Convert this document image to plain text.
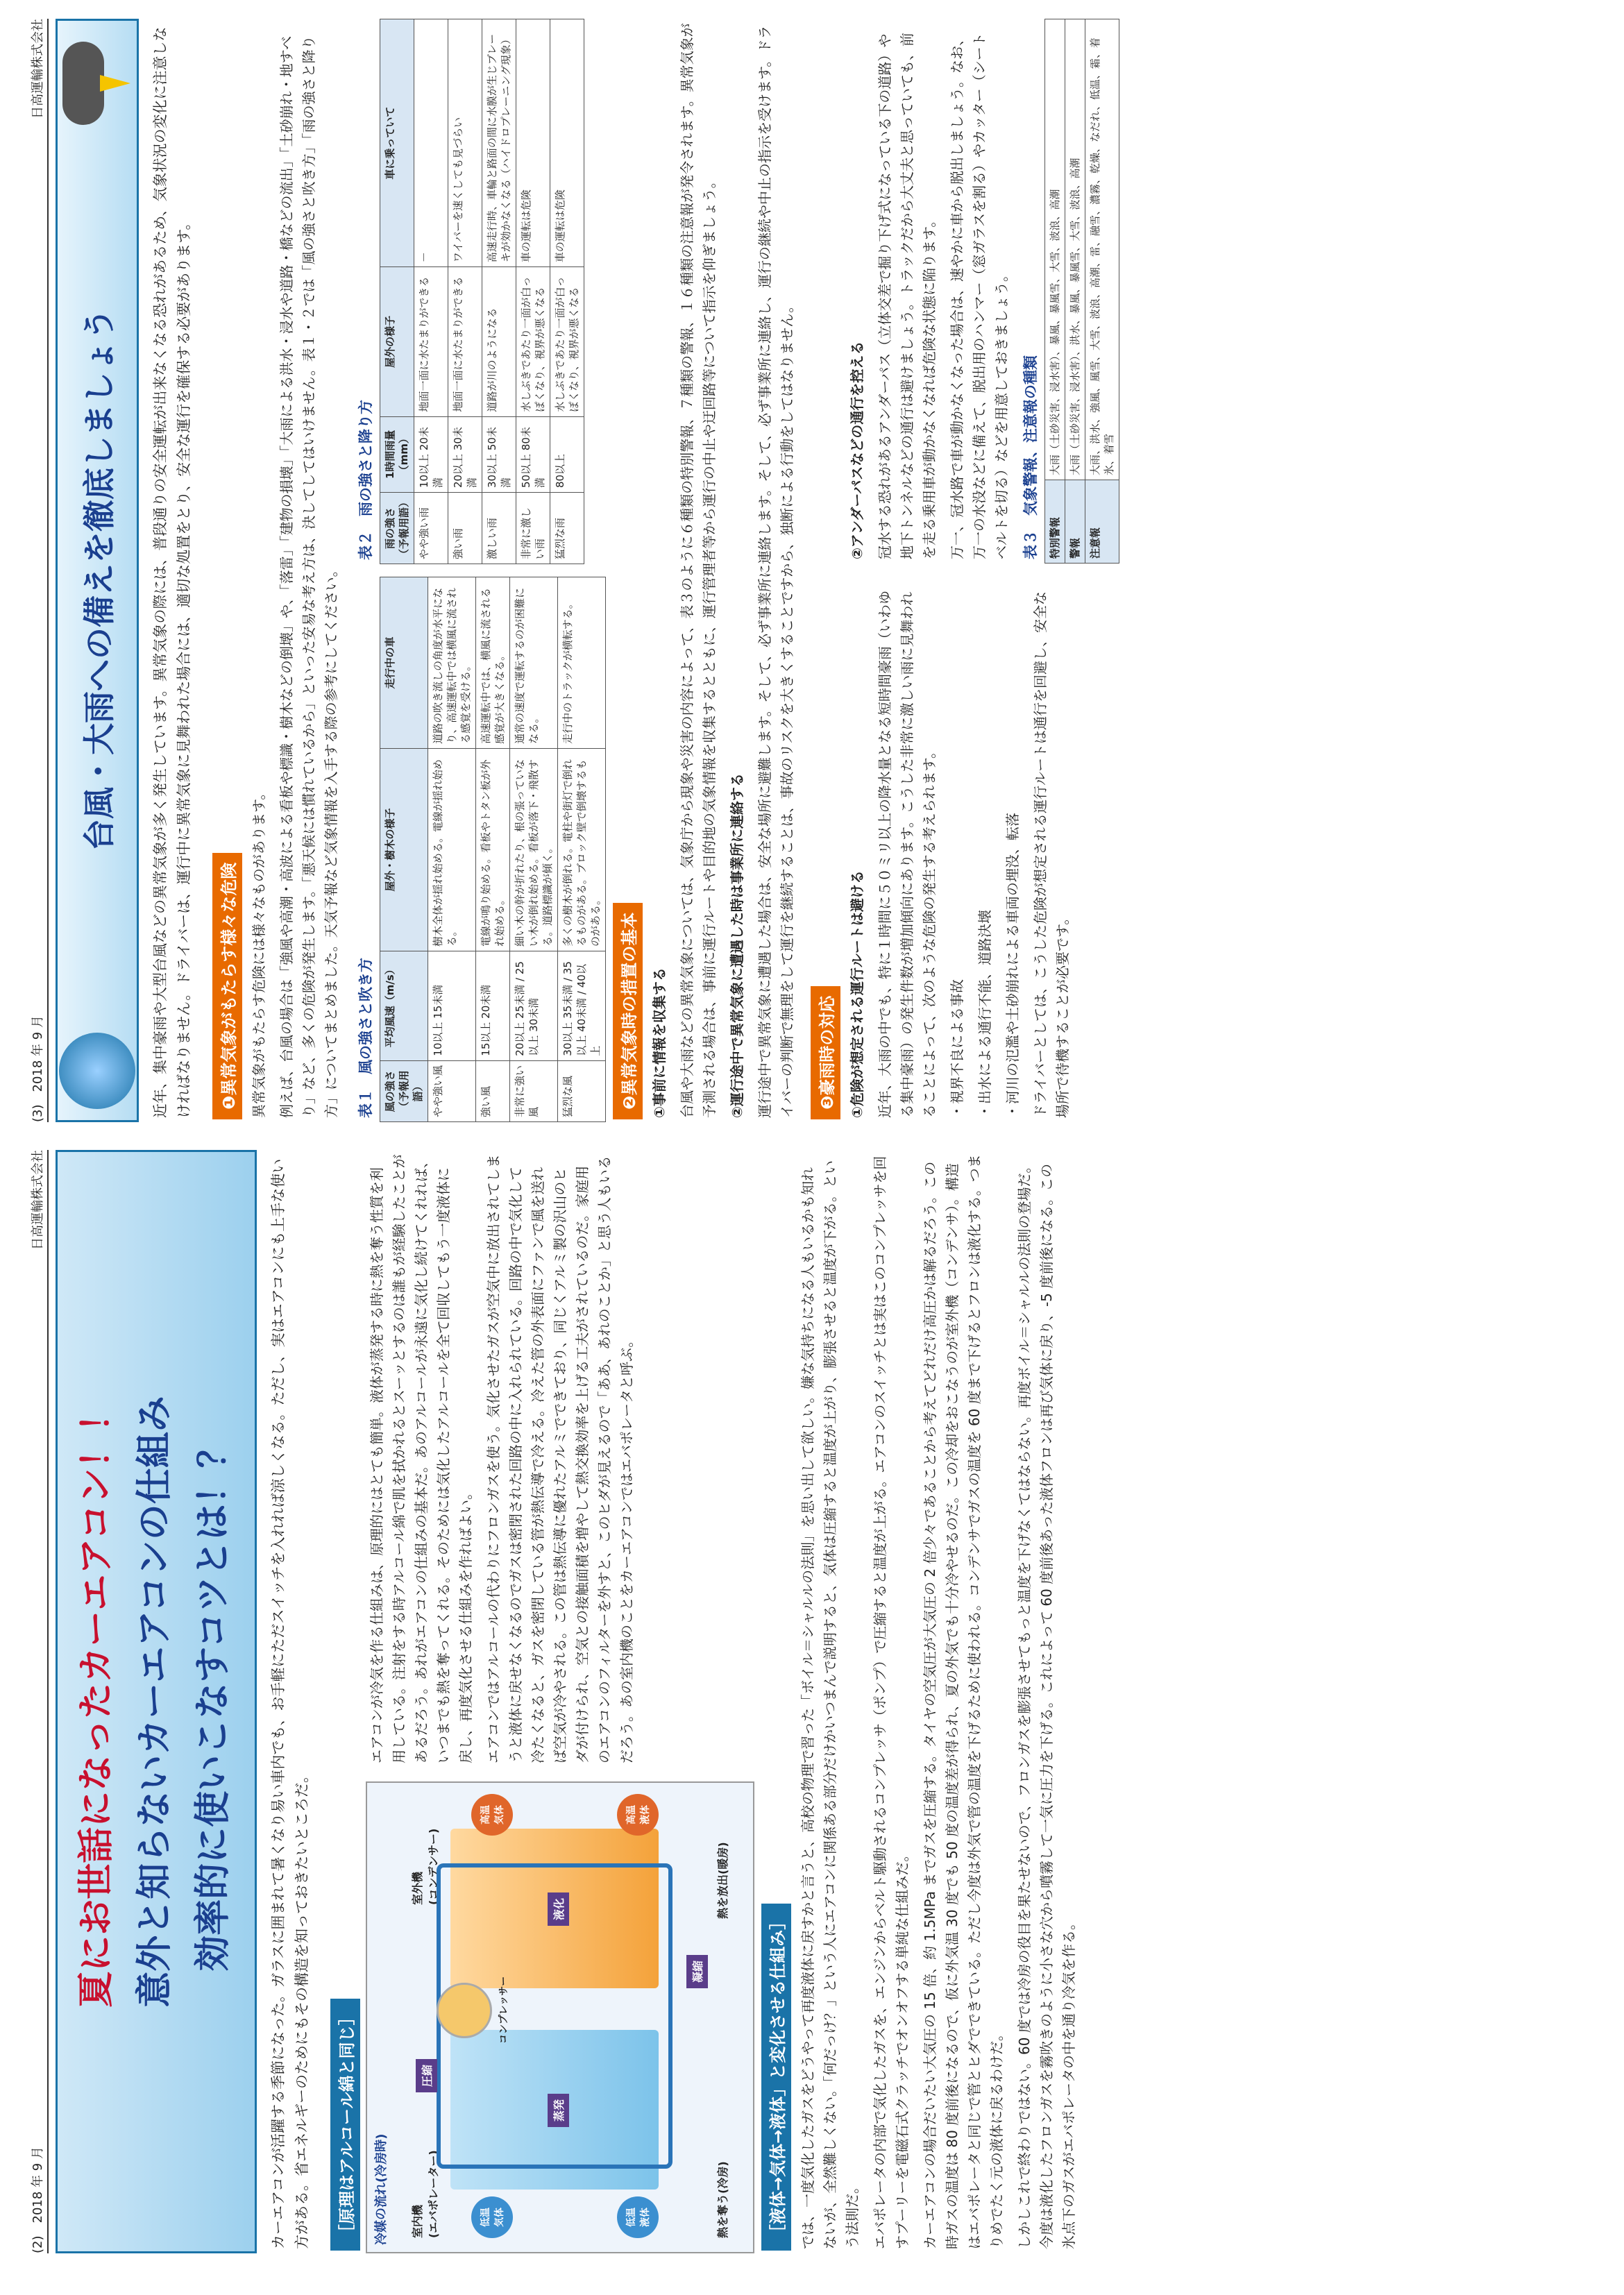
(2)　2018 年 9 月
日高運輸株式会社
夏にお世話になったカーエアコン！！ 意外と知らないカーエアコンの仕組み 効率的に使いこなすコツとは！？	カーエアコンが活躍する季節になった。ガラスに囲まれて暑くなり易い車内でも、お手軽にただスイッチを入れれば涼しくなる。ただし、実はエアコンにも上手な使い方がある。省エネルギーのためにもその構造を知っておきたいところだ。 ［原理はアルコール綿と同じ］ 冷媒の流れ(冷房時) 室内機 (エバポレーター)
室外機 (コンデンサー)
コンプレッサー
圧縮
蒸発
液化
凝縮
低温 気体
高温 気体
低温 液体
高温 液体
熱を奪う(冷房)
熱を放出(暖房)
エアコンが冷気を作る仕組みは、原理的にはとても簡単。液体が蒸発する時に熱を奪う性質を利用している。注射をする時アルコール綿で肌を拭かれるとスーッとするのは誰もが経験したことがあるだろう。あれがエアコンの仕組みの基本だ。あのアルコールが永遠に気化し続けてくれれば、いつまでも熱を奪ってくれる。そのためには気化したアルコールを全て回収してもう一度液体に戻し、再度気化させる仕組みを作ればよい。 エアコンではアルコールの代わりにフロンガスを使う。気化させたガスが空気中に放出されてしまうと液体に戻せなくなるのでガスは密閉された回路の中に入れられている。回路の中で気化して冷たくなると、ガスを密閉している管が熱伝導で冷える。冷えた管の外表面にファンで風を送れば空気が冷やされる。この管は熱伝導に優れたアルミでできており、同じくアルミ製の沢山のヒダが付けられ、空気との接触面積を増やして熱交換効率を上げる工夫がされているのだ。家庭用のエアコンのフィルターを外すと、このヒダが見えるので「ああ、あれのことか」と思う人もいるだろう。あの室内機のことをカーエアコンではエバポレータと呼ぶ。
［液体→気体→液体」と変化させる仕組み］ では、一度気化したガスをどうやって再度液体に戻すかと言うと、高校の物理で習った「ボイル＝シャルルの法則」を思い出して欲しい。嫌な気持ちになる人もいるかも知れないが、全然難しくない。「何だっけ？」という人にエアコンに関係ある部分だけかいつまんで説明すると、気体は圧縮すると温度が上がり、膨張させると温度が下がる。という法則だ。 エバポレータの内部で気化したガスを、エンジンからベルト駆動されるコンプレッサ（ポンプ）で圧縮すると温度が上がる。エアコンのスイッチとは実はこのコンプレッサを回すプーリーを電磁石式クラッチでオンオフする単純な仕組みだ。 カーエアコンの場合だいたい大気圧の 15 倍、約 1.5MPa までガスを圧縮する。タイヤの空気圧が大気圧の 2 倍少々であることから考えてどれだけ高圧かは解るだろう。この時ガスの温度は 80 度前後になるので、仮に外気温 30 度でも 50 度の温度差が得られ、夏の外気でも十分冷やせるのだ。この冷却をおこなうのが室外機（コンデンサ）。構造はエバポレータと同じで管とヒダでできている。ただし今度は外気で管の温度を下げるために使われる。コンデンサでガスの温度を 60 度まで下げるとフロンは液化する。つまりめでたく元の液体に戻るわけだ。 しかしこれで終わりではない。60 度では冷房の役目を果たせないので、フロンガスを膨張させてもっと温度を下げなくてはならない。再度ボイル＝シャルルの法則の登場だ。今度は液化したフロンガスを霧吹きのように小さな穴から噴霧して一気に圧力を下げる。これによって 60 度前後あった液体フロンは再び気体に戻り、-5 度前後になる。この氷点下のガスがエバポレータの中を通り冷気を作る。
(3)　2018 年 9 月
日高運輸株式会社
台風・大雨への備えを徹底しましょう 近年、集中豪雨や大型台風などの異常気象が多く発生しています。異常気象の際には、普段通りの安全運転が出来なくなる恐れがあるため、気象状況の変化に注意しなければなりません。ドライバーは、運行中に異常気象に見舞われた場合には、適切な処置をとり、安全な運行を確保する必要があります。 ❶異常気象がもたらす様々な危険 異常気象がもたらす危険には様々なものがあります。 例えば、台風の場合は「強風や高潮・高波による看板や標識・樹木などの倒壊」や、「落雷」「建物の損壊」「大雨による洪水・浸水や道路・橋などの流出」「土砂崩れ・地すべり」など、多くの危険が発生します。「悪天候には慣れているから」といった安易な考え方は、決してしてはいけません。表１・２では「風の強さと吹き方」「雨の強さと降り方」についてまとめました。天気予報など気象情報を入手する際の参考にしてください。 表１　風の強さと吹き方 風の強さ（予報用語）	平均風速（m/s）	屋外・樹木の様子	走行中の車
やや強い風	10以上 15未満	樹木全体が揺れ始める。電線が揺れ始める。	道路の吹き流しの角度が水平になり、高速運転中では横風に流される感覚を受ける。
強い風	15以上 20未満	電線が鳴り始める。看板やトタン板が外れ始める。	高速運転中では、横風に流される感覚が大きくなる。
非常に強い風	20以上 25未満 / 25以上 30未満	細い木の幹が折れたり、根の張っていない木が倒れ始める。看板が落下・飛散する。道路標識が傾く。	通常の速度で運転するのが困難になる。
猛烈な風	30以上 35未満 / 35以上 40未満 / 40以上	多くの樹木が倒れる。電柱や街灯で倒れるものがある。ブロック壁で倒壊するものがある。	走行中のトラックが横転する。
表２　雨の強さと降り方 雨の強さ（予報用語）	1時間雨量（mm）	屋外の様子	車に乗っていて
やや強い雨	10以上 20未満	地面一面に水たまりができる	－
強い雨	20以上 30未満	地面一面に水たまりができる	ワイパーを速くしても見づらい
激しい雨	30以上 50未満	道路が川のようになる	高速走行時、車輪と路面の間に水膜が生じブレーキが効かなくなる（ハイドロプレーニング現象）
非常に激しい雨	50以上 80未満	水しぶきであたり一面が白っぽくなり、視界が悪くなる	車の運転は危険
猛烈な雨	80以上	水しぶきであたり一面が白っぽくなり、視界が悪くなる	車の運転は危険
❷異常気象時の措置の基本 ①事前に情報を収集する 台風や大雨などの異常気象については、気象庁から現象や災害の内容によって、表３のように６種類の特別警報、７種類の警報、１６種類の注意報が発令されます。異常気象が予測される場合は、事前に運行ルートや目的地の気象情報を収集するとともに、運行管理者等から運行の中止や迂回路等について指示を仰ぎましょう。 ②運行途中で異常気象に遭遇した時は事業所に連絡する 運行途中で異常気象に遭遇した場合は、安全な場所に避難します。そして、必ず事業所に連絡します。そして、必ず事業所に連絡し、運行の継続や中止の指示を受けます。ドライバーの判断で無理をして運行を継続することは、事故のリスクを大きくすることですから、独断による行動をしてはなりません。 ❸豪雨時の対応 ①危険が想定される運行ルートは避ける 近年、大雨の中でも、特に１時間に５０ミリ以上の降水量となる短時間豪雨（いわゆる集中豪雨）の発生件数が増加傾向にあります。こうした非常に激しい雨に見舞われることによって、次のような危険の発生する考えられます。 ・視界不良による事故 ・出水による通行不能、道路決壊 ・河川の氾濫や土砂崩れによる車両の埋没、転落 ドライバーとしては、こうした危険が想定される運行ルートは通行を回避し、安全な場所で待機することが必要です。
②アンダーパスなどの通行を控える 冠水する恐れがあるアンダーパス（立体交差で掘り下げ式になっている下の道路）や地下トンネルなどの通行は避けましょう。トラックだから大丈夫と思っていても、前を走る乗用車が動かなくなれば危険な状態に陥ります。 万一、冠水路で車が動かなくなった場合は、速やかに車から脱出しましょう。なお、万一の水没などに備えて、脱出用のハンマー（窓ガラスを割る）やカッター（シートベルトを切る）などを用意しておきましょう。 表３　気象警報、注意報の種類 特別警報	大雨（土砂災害、浸水害）、暴風、暴風雪、大雪、波浪、高潮
警報	大雨（土砂災害、浸水害）、洪水、暴風、暴風雪、大雪、波浪、高潮
注意報	大雨、洪水、強風、風雪、大雪、波浪、高潮、雷、融雪、濃霧、乾燥、なだれ、低温、霜、着氷、着雪
